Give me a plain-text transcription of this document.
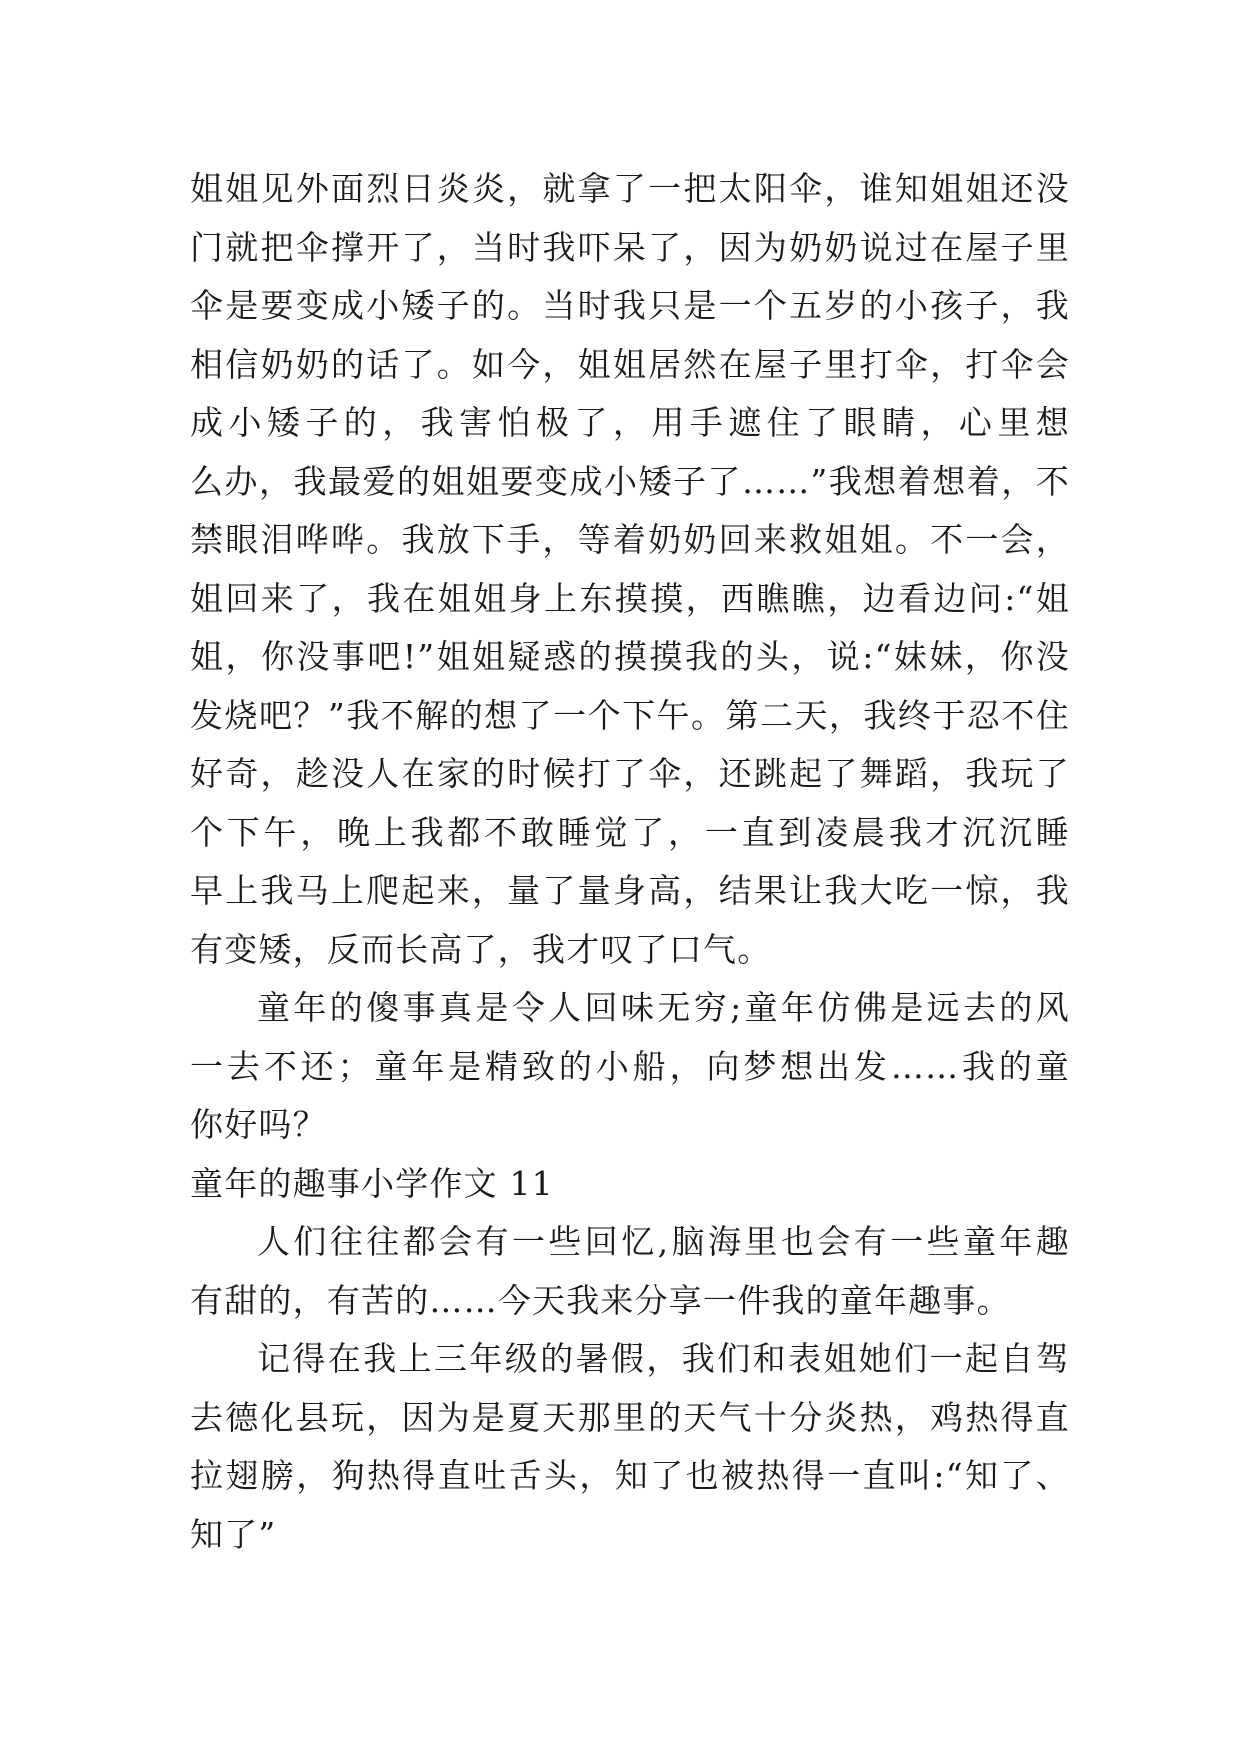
姐姐见外面烈日炎炎，就拿了一把太阳伞，谁知姐姐还没
门就把伞撑开了，当时我吓呆了，因为奶奶说过在屋子里
伞是要变成小矮子的。当时我只是一个五岁的小孩子，我
相信奶奶的话了。如今，姐姐居然在屋子里打伞，打伞会
成小矮子的，我害怕极了，用手遮住了眼睛，心里想
么办，我最爱的姐姐要变成小矮子了……”我想着想着，不
禁眼泪哗哗。我放下手，等着奶奶回来救姐姐。不一会，
姐回来了，我在姐姐身上东摸摸，西瞧瞧，边看边问:“姐
姐，你没事吧!”姐姐疑惑的摸摸我的头，说:“妹妹，你没
发烧吧？”我不解的想了一个下午。第二天，我终于忍不住
好奇，趁没人在家的时候打了伞，还跳起了舞蹈，我玩了
个下午，晚上我都不敢睡觉了，一直到凌晨我才沉沉睡
早上我马上爬起来，量了量身高，结果让我大吃一惊，我
有变矮，反而长高了，我才叹了口气。
童年的傻事真是令人回味无穷;童年仿佛是远去的风
一去不还；童年是精致的小船，向梦想出发……我的童
你好吗？
童年的趣事小学作文 11
人们往往都会有一些回忆,脑海里也会有一些童年趣
有甜的，有苦的……今天我来分享一件我的童年趣事。
记得在我上三年级的暑假，我们和表姐她们一起自驾
去德化县玩，因为是夏天那里的天气十分炎热，鸡热得直
拉翅膀，狗热得直吐舌头，知了也被热得一直叫:“知了、
知了”
